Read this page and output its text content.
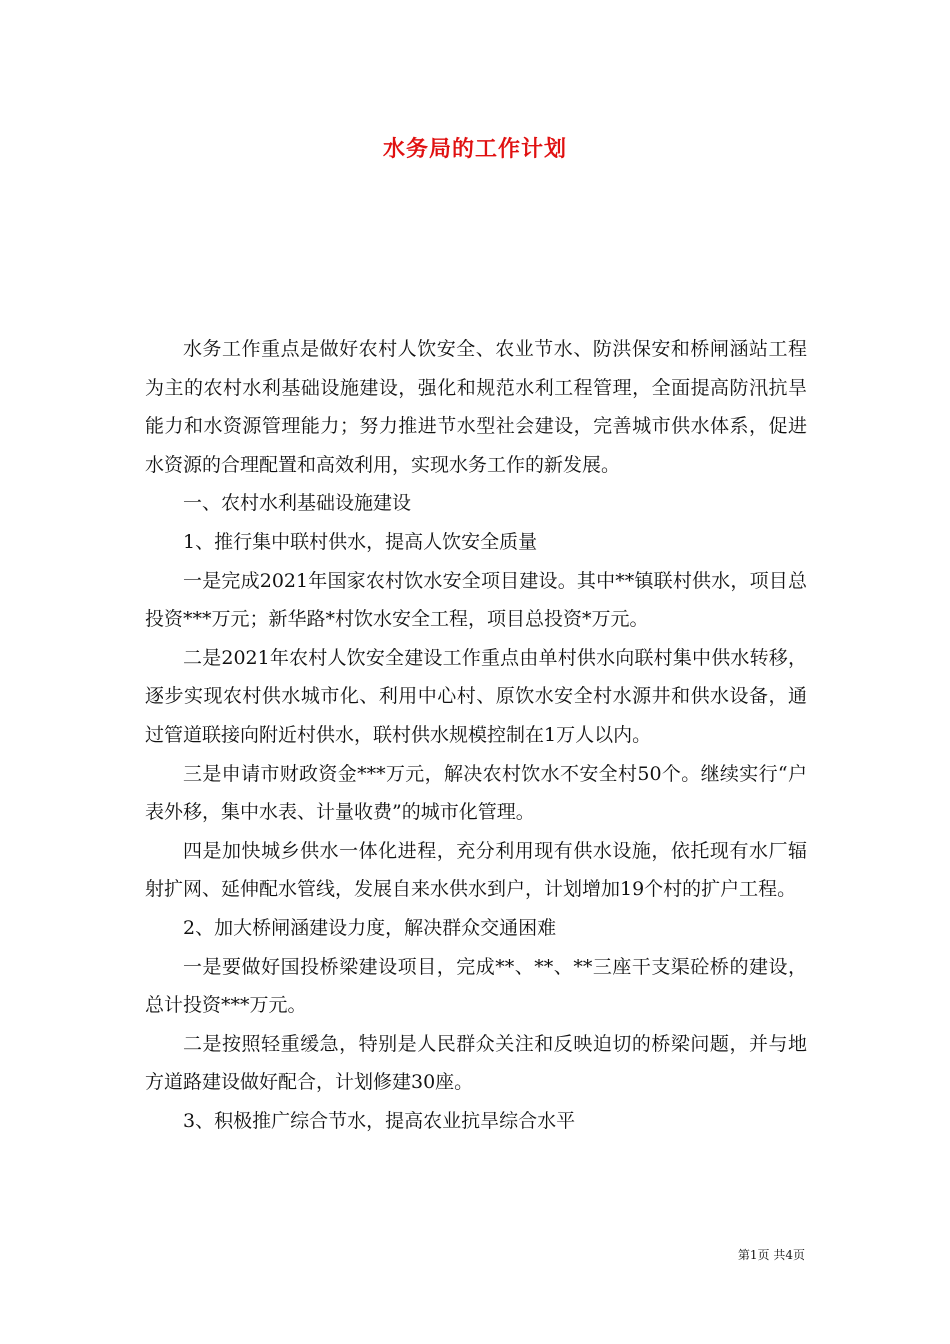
水务局的工作计划

水务工作重点是做好农村人饮安全、农业节水、防洪保安和桥闸涵站工程为主的农村水利基础设施建设，强化和规范水利工程管理，全面提高防汛抗旱能力和水资源管理能力；努力推进节水型社会建设，完善城市供水体系，促进水资源的合理配置和高效利用，实现水务工作的新发展。

一、农村水利基础设施建设

1、推行集中联村供水，提高人饮安全质量

一是完成2021年国家农村饮水安全项目建设。其中**镇联村供水，项目总投资***万元；新华路*村饮水安全工程，项目总投资*万元。

二是2021年农村人饮安全建设工作重点由单村供水向联村集中供水转移，逐步实现农村供水城市化、利用中心村、原饮水安全村水源井和供水设备，通过管道联接向附近村供水，联村供水规模控制在1万人以内。

三是申请市财政资金***万元，解决农村饮水不安全村50个。继续实行“户表外移，集中水表、计量收费”的城市化管理。

四是加快城乡供水一体化进程，充分利用现有供水设施，依托现有水厂辐射扩网、延伸配水管线，发展自来水供水到户，计划增加19个村的扩户工程。

2、加大桥闸涵建设力度，解决群众交通困难

一是要做好国投桥梁建设项目，完成**、**、**三座干支渠砼桥的建设，总计投资***万元。

二是按照轻重缓急，特别是人民群众关注和反映迫切的桥梁问题，并与地方道路建设做好配合，计划修建30座。

3、积极推广综合节水，提高农业抗旱综合水平

第1页 共4页
